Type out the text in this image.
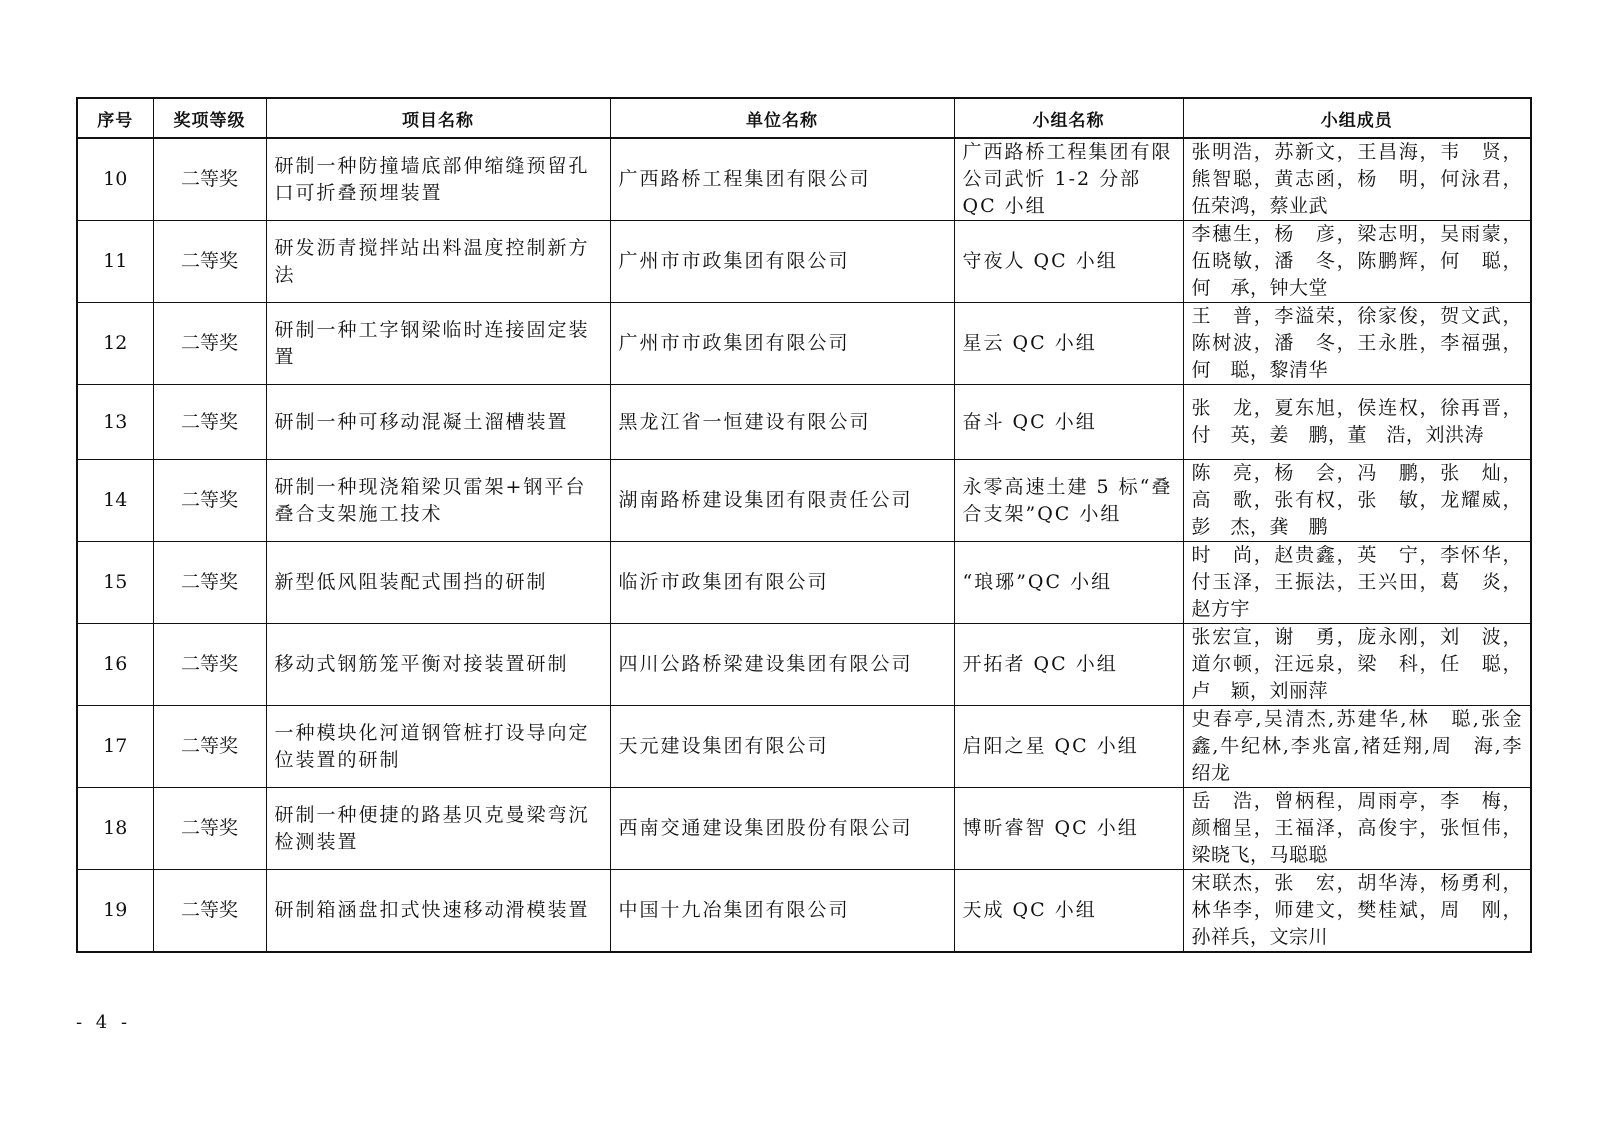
序号	奖项等级	项目名称	单位名称	小组名称	小组成员
10	二等奖	研制一种防撞墙底部伸缩缝预留孔口可折叠预埋装置	广西路桥工程集团有限公司	广西路桥工程集团有限公司武忻 1-2 分部 QC 小组	张明浩，苏新文，王昌海，韦　贤，
熊智聪，黄志函，杨　明，何泳君，
伍荣鸿，蔡业武

11	二等奖	研发沥青搅拌站出料温度控制新方法	广州市市政集团有限公司	守夜人 QC 小组	李穗生，杨　彦，梁志明，吴雨蒙，
伍晓敏，潘　冬，陈鹏辉，何　聪，
何　承，钟大堂

12	二等奖	研制一种工字钢梁临时连接固定装置	广州市市政集团有限公司	星云 QC 小组	王　普，李溢荣，徐家俊，贺文武，
陈树波，潘　冬，王永胜，李福强，
何　聪，黎清华

13	二等奖	研制一种可移动混凝土溜槽装置	黑龙江省一恒建设有限公司	奋斗 QC 小组	张　龙，夏东旭，侯连权，徐再晋，
付　英，姜　鹏，董　浩，刘洪涛

14	二等奖	研制一种现浇箱梁贝雷架+钢平台叠合支架施工技术	湖南路桥建设集团有限责任公司	永零高速土建 5 标“叠合支架”QC 小组	陈　亮，杨　会，冯　鹏，张　灿，
高　歌，张有权，张　敏，龙耀威，
彭　杰，龚　鹏

15	二等奖	新型低风阻装配式围挡的研制	临沂市政集团有限公司	“琅琊”QC 小组	时　尚，赵贵鑫，英　宁，李怀华，
付玉泽，王振法，王兴田，葛　炎，
赵方宇

16	二等奖	移动式钢筋笼平衡对接装置研制	四川公路桥梁建设集团有限公司	开拓者 QC 小组	张宏宣，谢　勇，庞永刚，刘　波，
道尔顿，汪远泉，梁　科，任　聪，
卢　颖，刘丽萍

17	二等奖	一种模块化河道钢管桩打设导向定位装置的研制	天元建设集团有限公司	启阳之星 QC 小组	史春亭,吴清杰,苏建华,林　聪,张金
鑫,牛纪林,李兆富,褚廷翔,周　海,李
绍龙

18	二等奖	研制一种便捷的路基贝克曼梁弯沉检测装置	西南交通建设集团股份有限公司	博昕睿智 QC 小组	岳　浩，曾柄程，周雨亭，李　梅，
颜榴呈，王福泽，高俊宇，张恒伟，
梁晓飞，马聪聪

19	二等奖	研制箱涵盘扣式快速移动滑模装置	中国十九冶集团有限公司	天成 QC 小组	宋联杰，张　宏，胡华涛，杨勇利，
林华李，师建文，樊桂斌，周　刚，
孙祥兵，文宗川
- 4 -
